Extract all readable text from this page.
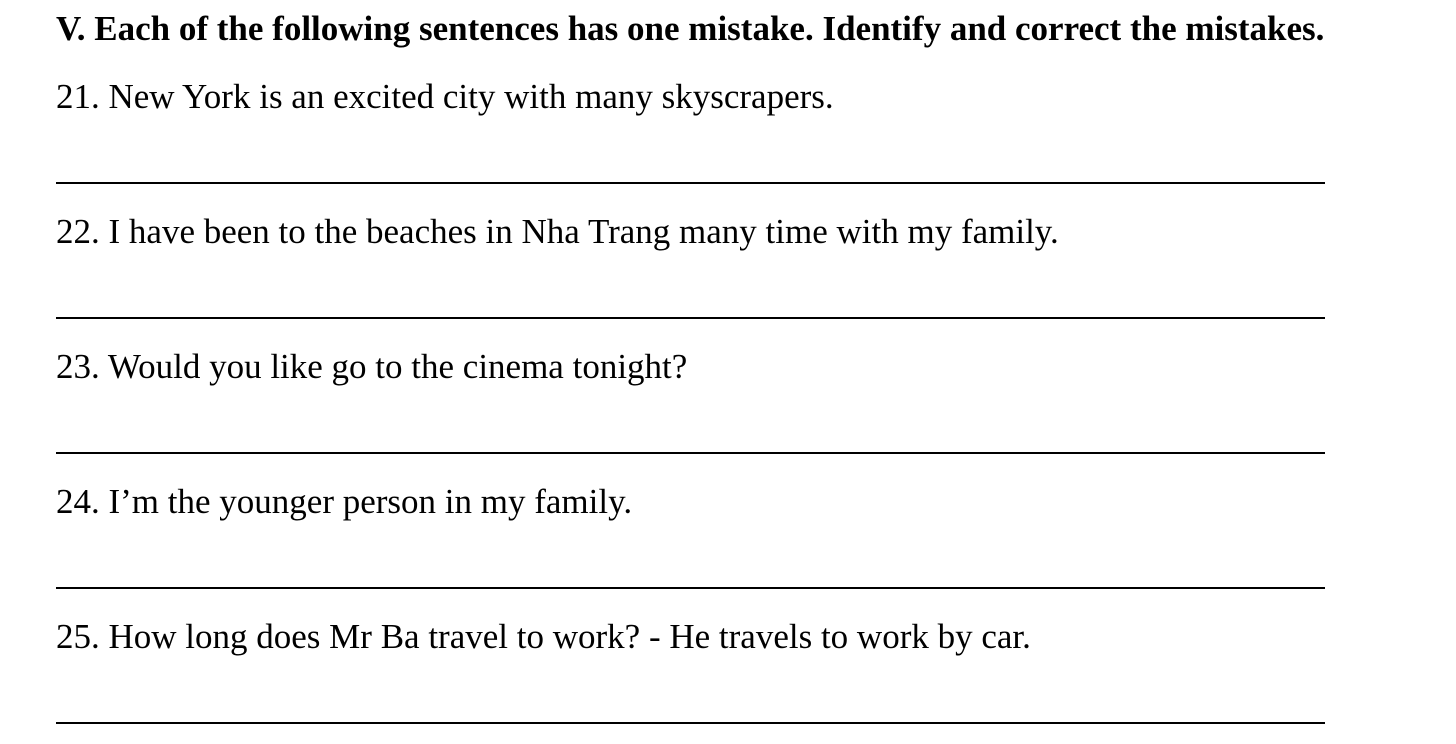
V. Each of the following sentences has one mistake. Identify and correct the mistakes.

21. New York is an excited city with many skyscrapers.

22. I have been to the beaches in Nha Trang many time with my family.

23. Would you like go to the cinema tonight?

24. I’m the younger person in my family.

25. How long does Mr Ba travel to work? - He travels to work by car.
